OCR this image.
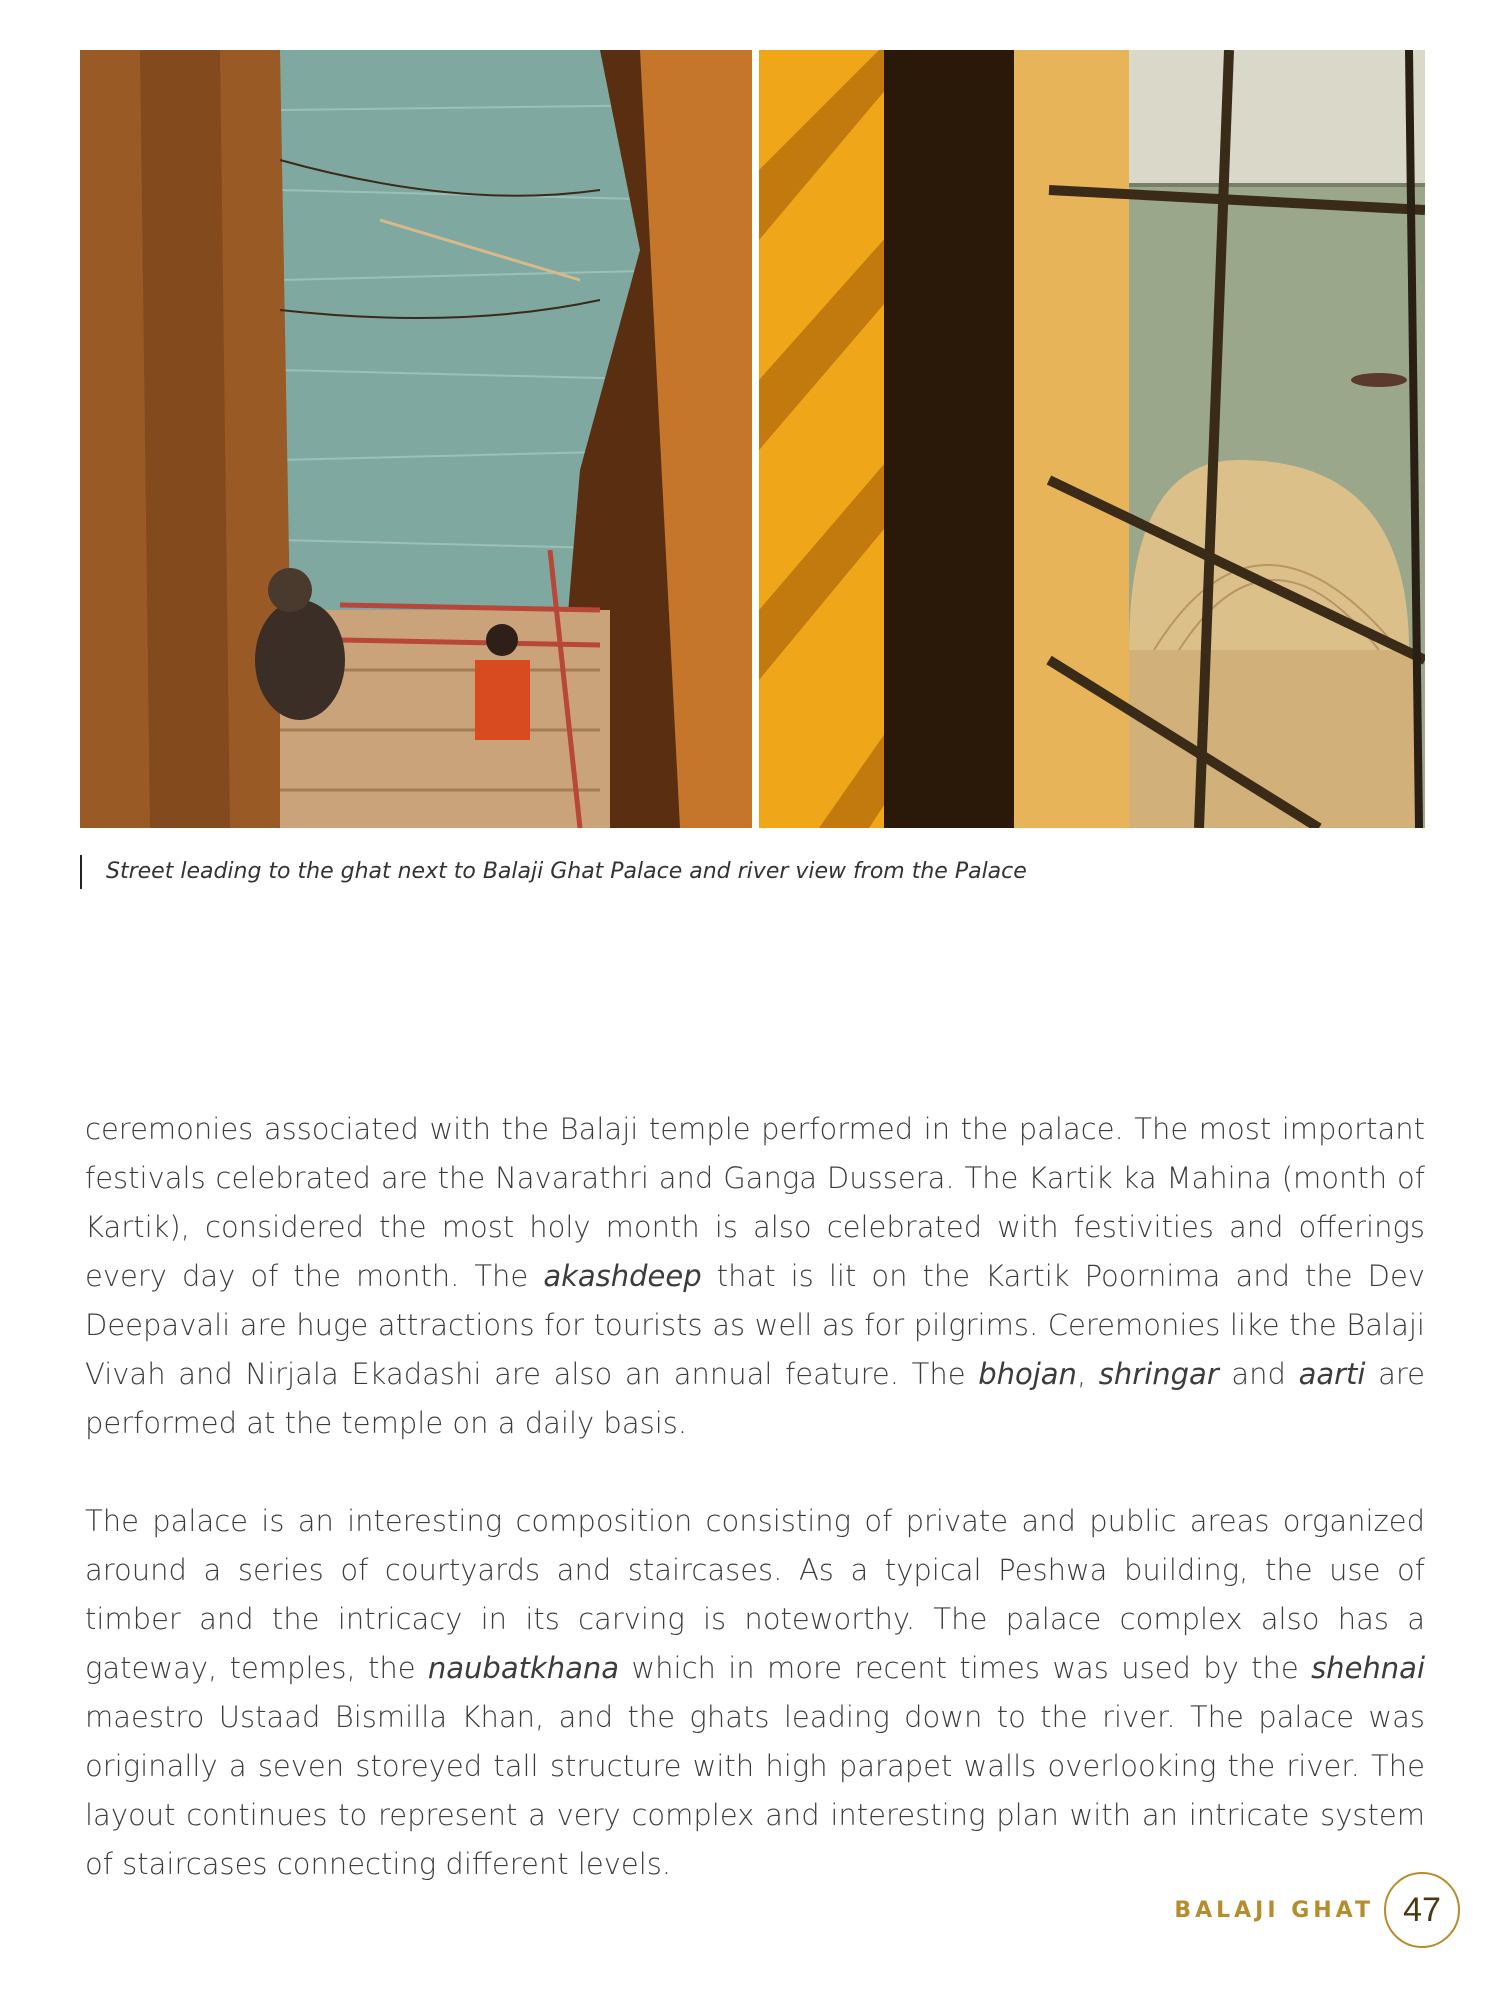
Street leading to the ghat next to Balaji Ghat Palace and river view from the Palace

ceremonies associated with the Balaji temple performed in the palace. The most important festivals celebrated are the Navarathri and Ganga Dussera. The Kartik ka Mahina (month of Kartik), considered the most holy month is also celebrated with festivities and offerings every day of the month. The akashdeep that is lit on the Kartik Poornima and the Dev Deepavali are huge attractions for tourists as well as for pilgrims. Ceremonies like the Balaji Vivah and Nirjala Ekadashi are also an annual feature. The bhojan, shringar and aarti are performed at the temple on a daily basis.

The palace is an interesting composition consisting of private and public areas organized around a series of courtyards and staircases. As a typical Peshwa building, the use of timber and the intricacy in its carving is noteworthy. The palace complex also has a gateway, temples, the naubatkhana which in more recent times was used by the shehnai maestro Ustaad Bismilla Khan, and the ghats leading down to the river. The palace was originally a seven storeyed tall structure with high parapet walls overlooking the river. The layout continues to represent a very complex and interesting plan with an intricate system of staircases connecting different levels.

BALAJI GHAT 47
